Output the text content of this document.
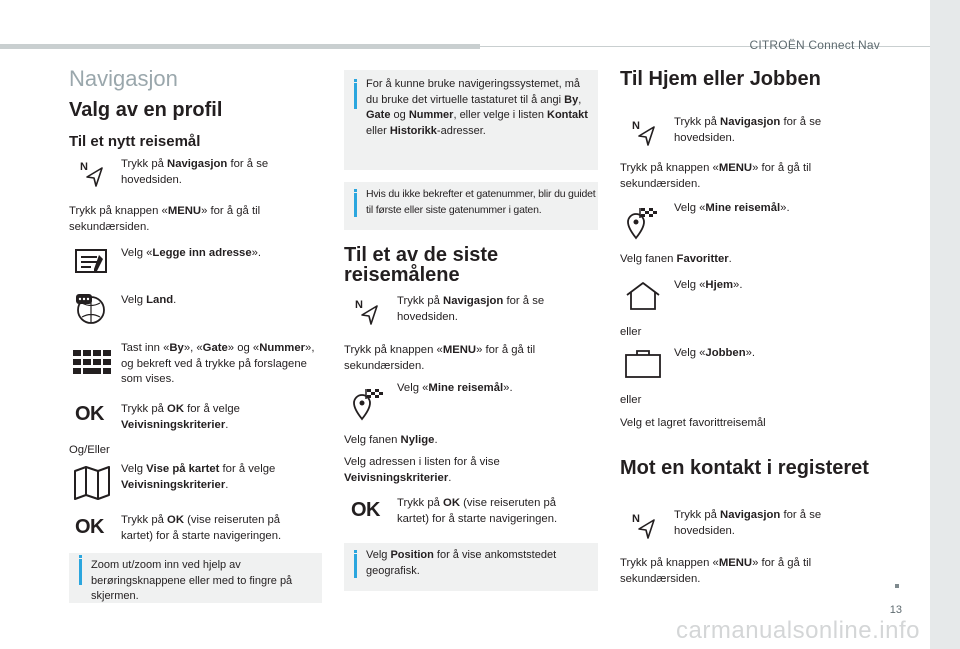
CITROËN Connect Nav
13
carmanualsonline.info
Navigasjon
Valg av en profil
Til et nytt reisemål
N	Trykk på Navigasjon for å se hovedsiden.

Trykk på knappen «MENU» for å gå til sekundærsiden.

Velg «Legge inn adresse».

Velg Land.

Tast inn «By», «Gate» og «Nummer», og bekreft ved å trykke på forslagene som vises.

OK Trykk på OK for å velge Veivisningskriterier.

Og/Eller

Velg Vise på kartet for å velge Veivisningskriterier.

OK Trykk på OK (vise reiseruten på kartet) for å starte navigeringen.

Zoom ut/zoom inn ved hjelp av berøringsknappene eller med to fingre på skjermen.
For å kunne bruke navigeringssystemet, må du bruke det virtuelle tastaturet til å angi By, Gate og Nummer, eller velge i listen Kontakt eller Historikk-adresser.
Hvis du ikke bekrefter et gatenummer, blir du guidet til første eller siste gatenummer i gaten.
Til et av de siste reisemålene
N	Trykk på Navigasjon for å se hovedsiden.

Trykk på knappen «MENU» for å gå til sekundærsiden.

Velg «Mine reisemål».

Velg fanen Nylige.

Velg adressen i listen for å vise Veivisningskriterier.

OK Trykk på OK (vise reiseruten på kartet) for å starte navigeringen.

Velg Position for å vise ankomststedet geografisk.
Til Hjem eller Jobben
N	Trykk på Navigasjon for å se hovedsiden.

Trykk på knappen «MENU» for å gå til sekundærsiden.

Velg «Mine reisemål».

Velg fanen Favoritter.

Velg «Hjem».

eller

Velg «Jobben».

eller

Velg et lagret favorittreisemål

Mot en kontakt i registeret
N	Trykk på Navigasjon for å se hovedsiden.

Trykk på knappen «MENU» for å gå til sekundærsiden.
